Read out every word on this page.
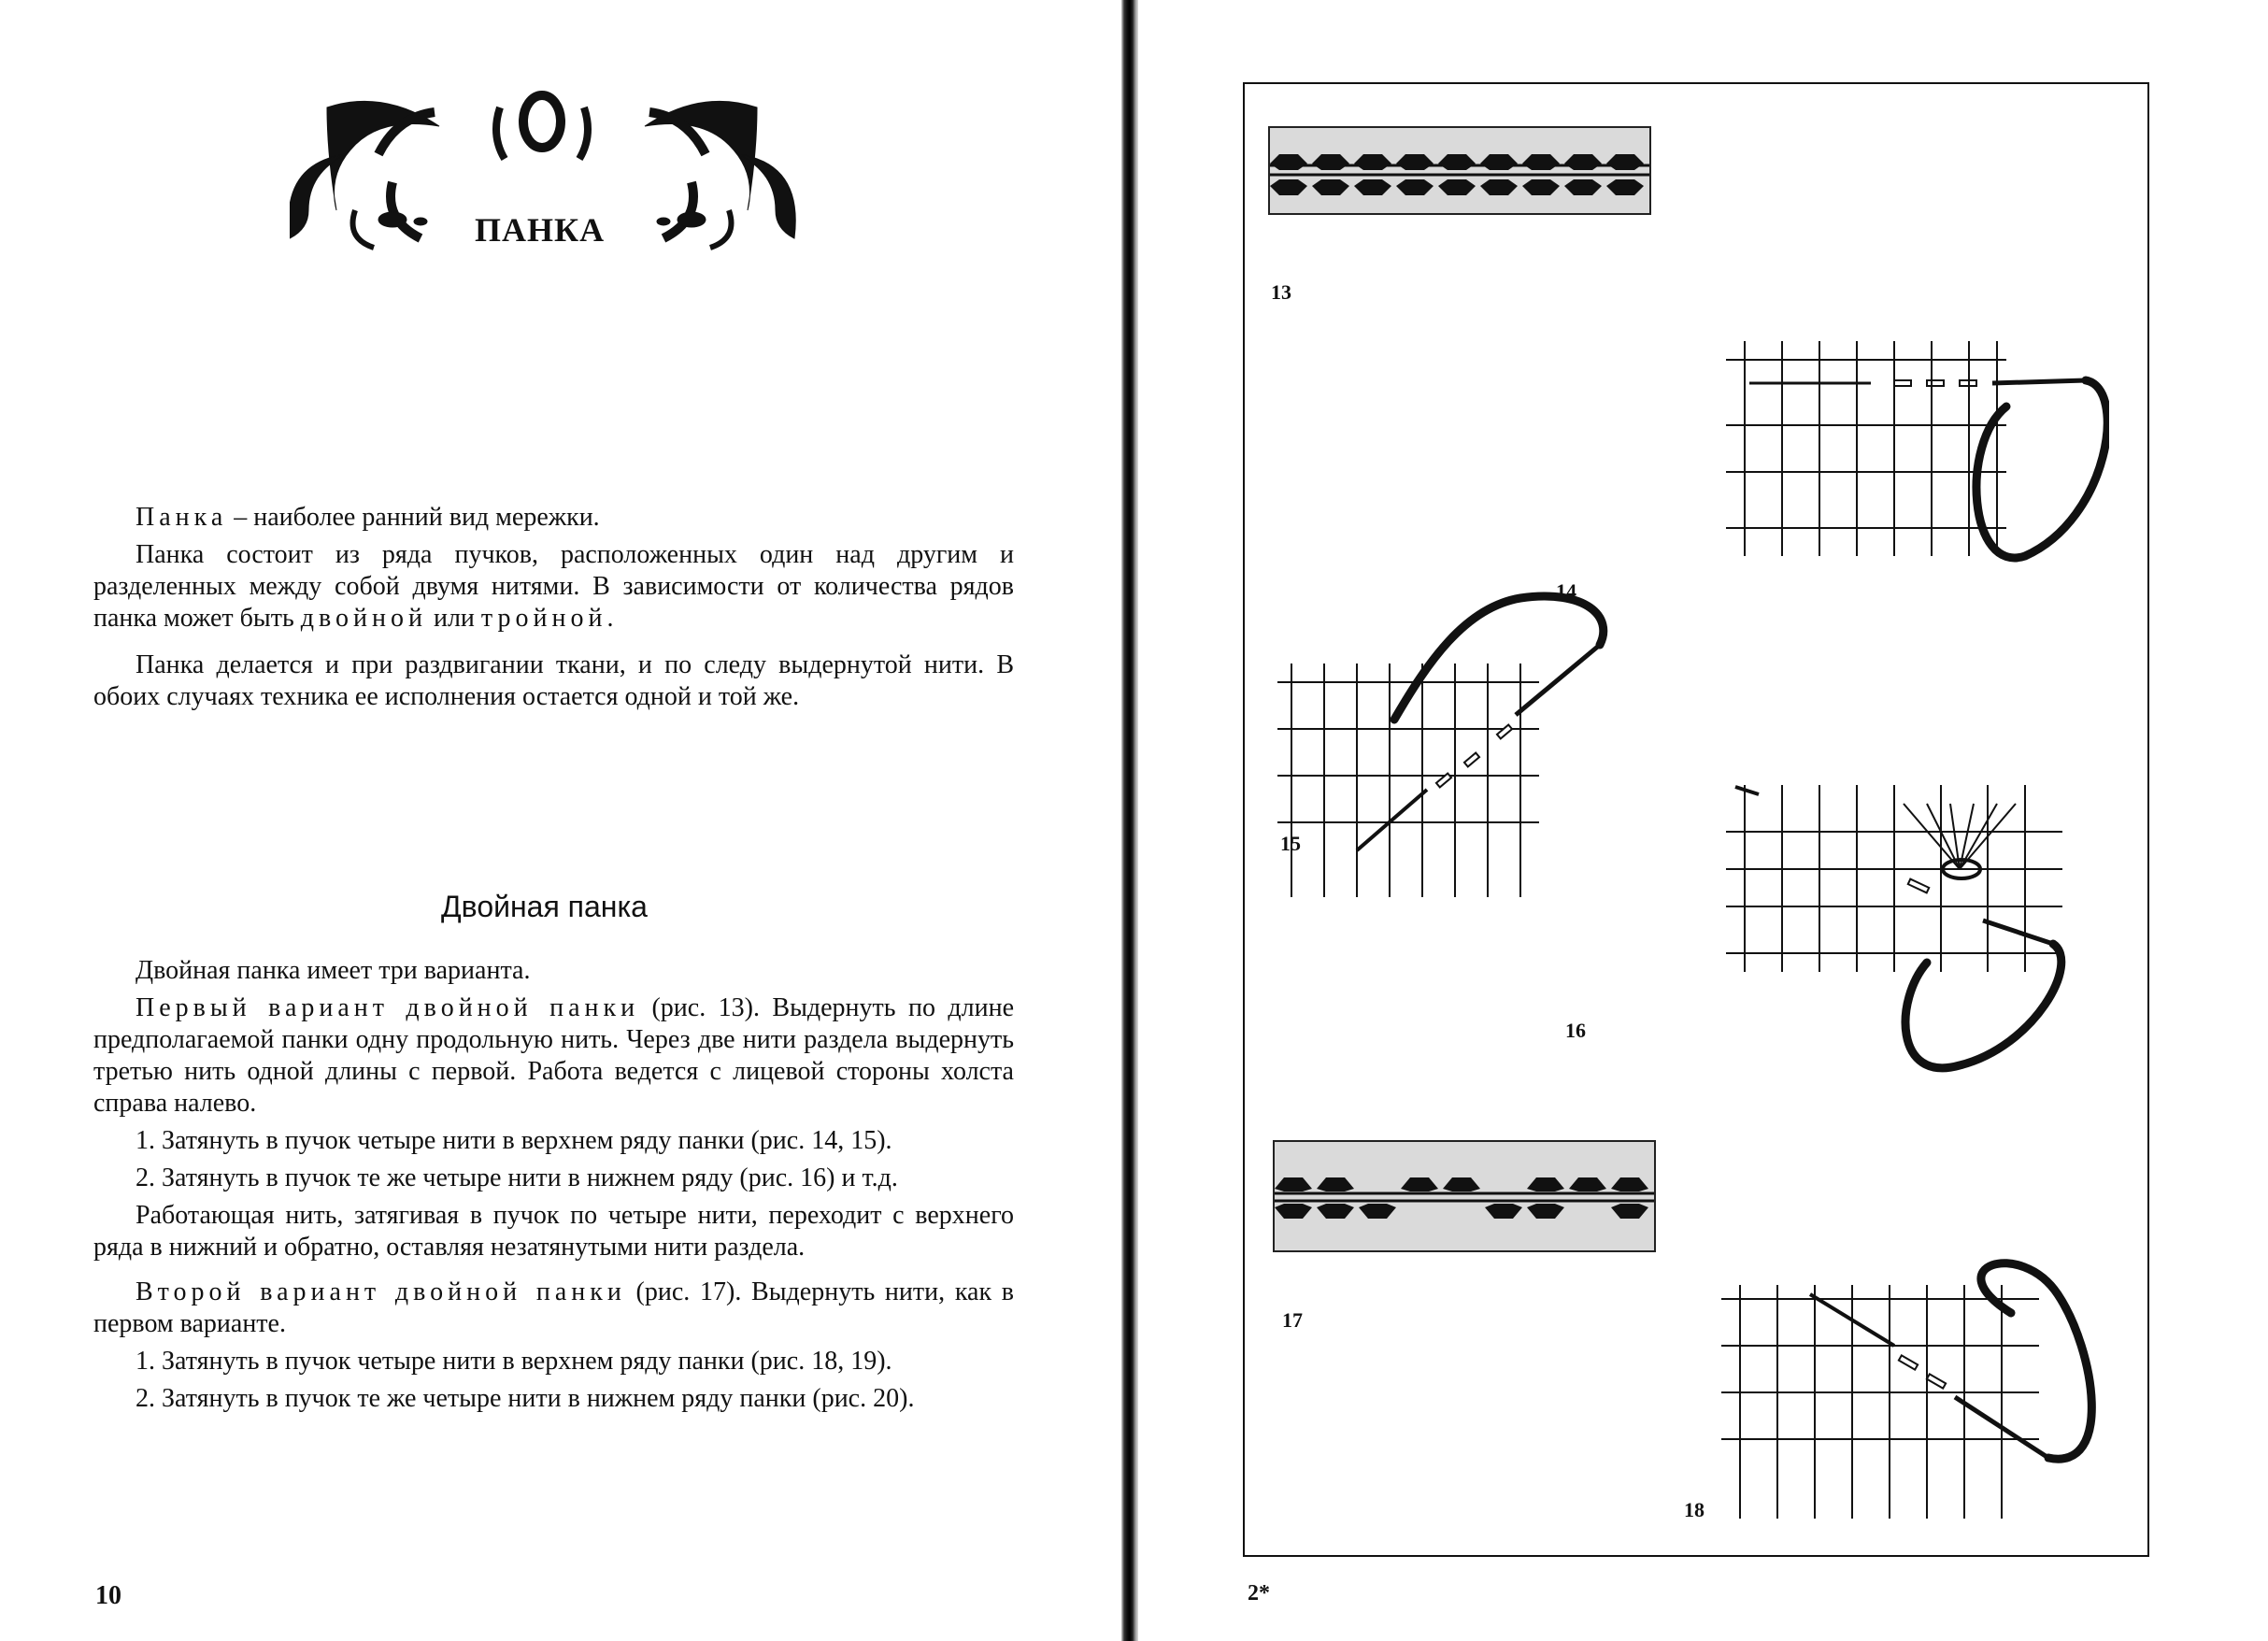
ПАНКА

Панка – наиболее ранний вид мережки.

Панка состоит из ряда пучков, расположенных один над другим и разделенных между собой двумя нитями. В зависимости от количества рядов панка может быть двойной или тройной.

Панка делается и при раздвигании ткани, и по следу выдернутой нити. В обоих случаях техника ее исполнения остается одной и той же.

Двойная панка

Двойная панка имеет три варианта.

Первый вариант двойной панки (рис. 13). Выдернуть по длине предполагаемой панки одну продольную нить. Через две нити раздела выдернуть третью нить одной длины с первой. Работа ведется с лицевой стороны холста справа налево.

1. Затянуть в пучок четыре нити в верхнем ряду панки (рис. 14, 15).

2. Затянуть в пучок те же четыре нити в нижнем ряду (рис. 16) и т.д.

Работающая нить, затягивая в пучок по четыре нити, переходит с верхнего ряда в нижний и обратно, оставляя незатянутыми нити раздела.

Второй вариант двойной панки (рис. 17). Выдернуть нити, как в первом варианте.

1. Затянуть в пучок четыре нити в верхнем ряду панки (рис. 18, 19).

2. Затянуть в пучок те же четыре нити в нижнем ряду панки (рис. 20).

10
13
14
15
16
17
18
2*
